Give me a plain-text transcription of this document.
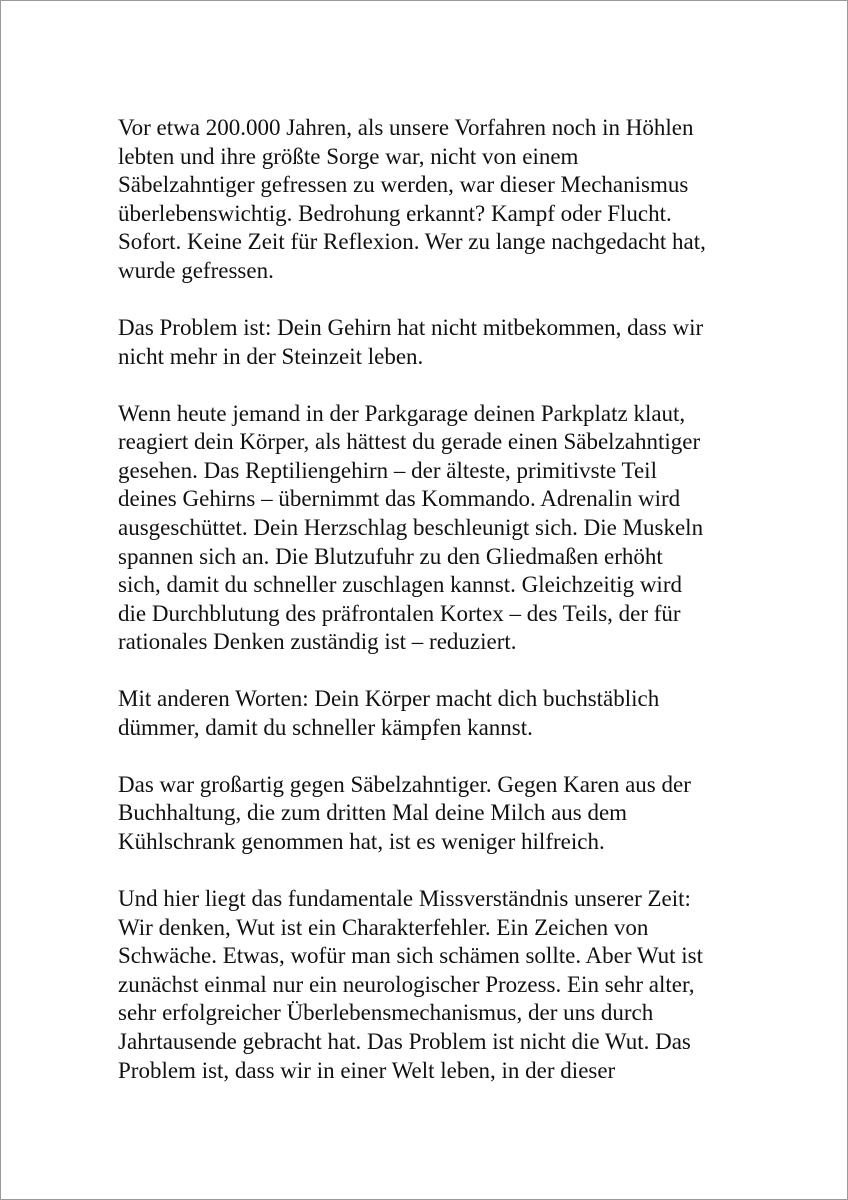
Vor etwa 200.000 Jahren, als unsere Vorfahren noch in Höhlen
lebten und ihre größte Sorge war, nicht von einem
Säbelzahntiger gefressen zu werden, war dieser Mechanismus
überlebenswichtig. Bedrohung erkannt? Kampf oder Flucht.
Sofort. Keine Zeit für Reflexion. Wer zu lange nachgedacht hat,
wurde gefressen.

Das Problem ist: Dein Gehirn hat nicht mitbekommen, dass wir
nicht mehr in der Steinzeit leben.

Wenn heute jemand in der Parkgarage deinen Parkplatz klaut,
reagiert dein Körper, als hättest du gerade einen Säbelzahntiger
gesehen. Das Reptiliengehirn – der älteste, primitivste Teil
deines Gehirns – übernimmt das Kommando. Adrenalin wird
ausgeschüttet. Dein Herzschlag beschleunigt sich. Die Muskeln
spannen sich an. Die Blutzufuhr zu den Gliedmaßen erhöht
sich, damit du schneller zuschlagen kannst. Gleichzeitig wird
die Durchblutung des präfrontalen Kortex – des Teils, der für
rationales Denken zuständig ist – reduziert.

Mit anderen Worten: Dein Körper macht dich buchstäblich
dümmer, damit du schneller kämpfen kannst.

Das war großartig gegen Säbelzahntiger. Gegen Karen aus der
Buchhaltung, die zum dritten Mal deine Milch aus dem
Kühlschrank genommen hat, ist es weniger hilfreich.

Und hier liegt das fundamentale Missverständnis unserer Zeit:
Wir denken, Wut ist ein Charakterfehler. Ein Zeichen von
Schwäche. Etwas, wofür man sich schämen sollte. Aber Wut ist
zunächst einmal nur ein neurologischer Prozess. Ein sehr alter,
sehr erfolgreicher Überlebensmechanismus, der uns durch
Jahrtausende gebracht hat. Das Problem ist nicht die Wut. Das
Problem ist, dass wir in einer Welt leben, in der dieser
